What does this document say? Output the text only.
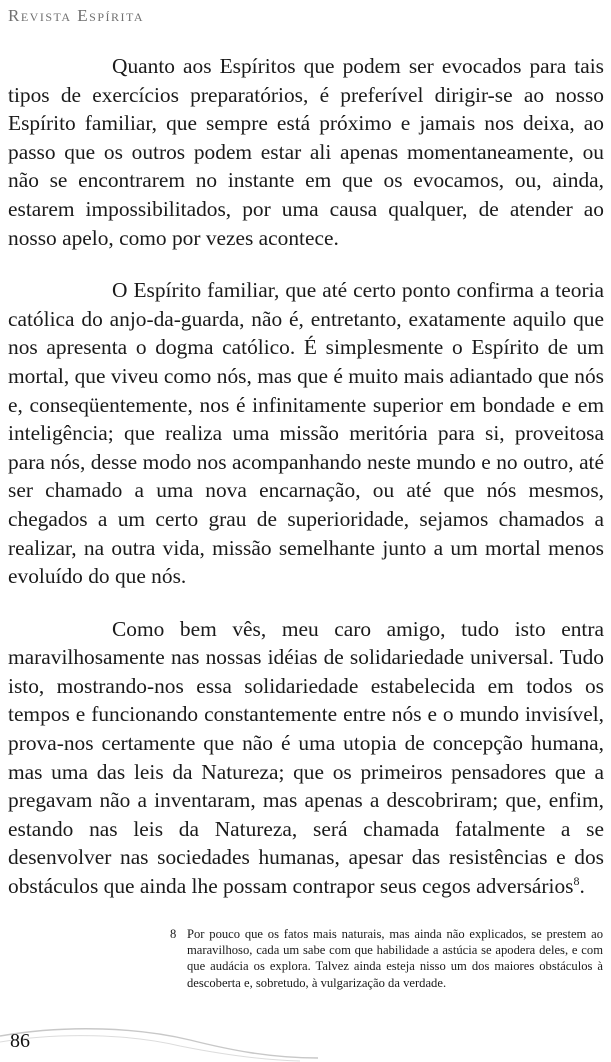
Revista Espírita

Quanto aos Espíritos que podem ser evocados para tais tipos de exercícios preparatórios, é preferível dirigir-se ao nosso Espírito familiar, que sempre está próximo e jamais nos deixa, ao passo que os outros podem estar ali apenas momentaneamente, ou não se encontrarem no instante em que os evocamos, ou, ainda, estarem impossibilitados, por uma causa qualquer, de atender ao nosso apelo, como por vezes acontece.

O Espírito familiar, que até certo ponto confirma a teoria católica do anjo-da-guarda, não é, entretanto, exatamente aquilo que nos apresenta o dogma católico. É simplesmente o Espírito de um mortal, que viveu como nós, mas que é muito mais adiantado que nós e, conseqüentemente, nos é infinitamente superior em bondade e em inteligência; que realiza uma missão meritória para si, proveitosa para nós, desse modo nos acompanhando neste mundo e no outro, até ser chamado a uma nova encarnação, ou até que nós mesmos, chegados a um certo grau de superioridade, sejamos chamados a realizar, na outra vida, missão semelhante junto a um mortal menos evoluído do que nós.

Como bem vês, meu caro amigo, tudo isto entra maravilhosamente nas nossas idéias de solidariedade universal. Tudo isto, mostrando-nos essa solidariedade estabelecida em todos os tempos e funcionando constantemente entre nós e o mundo invisível, prova-nos certamente que não é uma utopia de concepção humana, mas uma das leis da Natureza; que os primeiros pensadores que a pregavam não a inventaram, mas apenas a descobriram; que, enfim, estando nas leis da Natureza, será chamada fatalmente a se desenvolver nas sociedades humanas, apesar das resistências e dos obstáculos que ainda lhe possam contrapor seus cegos adversários$^8$.

8 Por pouco que os fatos mais naturais, mas ainda não explicados, se prestem ao maravilhoso, cada um sabe com que habilidade a astúcia se apodera deles, e com que audácia os explora. Talvez ainda esteja nisso um dos maiores obstáculos à descoberta e, sobretudo, à vulgarização da verdade.
86
